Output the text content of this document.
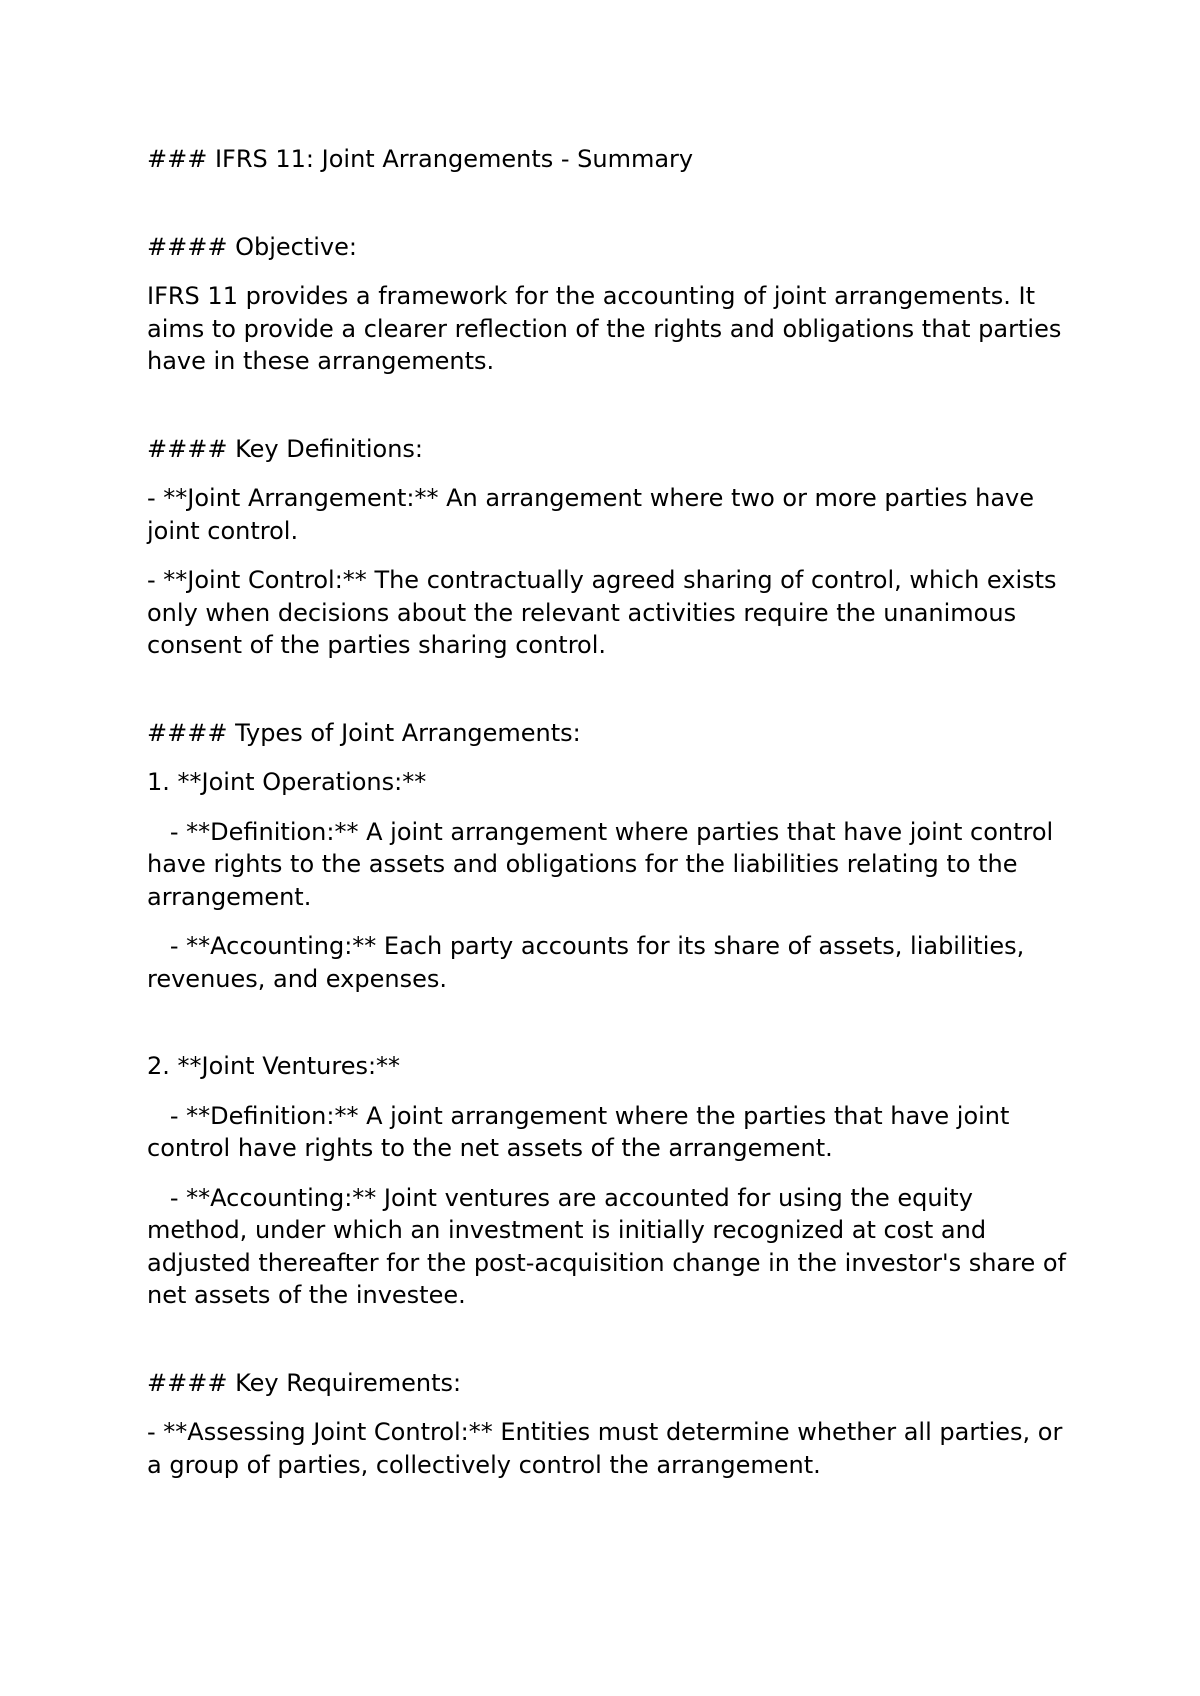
### IFRS 11: Joint Arrangements - Summary

#### Objective:

IFRS 11 provides a framework for the accounting of joint arrangements. It aims to provide a clearer reflection of the rights and obligations that parties have in these arrangements.

#### Key Definitions:

- **Joint Arrangement:** An arrangement where two or more parties have joint control.

- **Joint Control:** The contractually agreed sharing of control, which exists only when decisions about the relevant activities require the unanimous consent of the parties sharing control.

#### Types of Joint Arrangements:

1. **Joint Operations:**

- **Definition:** A joint arrangement where parties that have joint control have rights to the assets and obligations for the liabilities relating to the arrangement.

- **Accounting:** Each party accounts for its share of assets, liabilities, revenues, and expenses.

2. **Joint Ventures:**

- **Definition:** A joint arrangement where the parties that have joint control have rights to the net assets of the arrangement.

- **Accounting:** Joint ventures are accounted for using the equity method, under which an investment is initially recognized at cost and adjusted thereafter for the post-acquisition change in the investor's share of net assets of the investee.

#### Key Requirements:

- **Assessing Joint Control:** Entities must determine whether all parties, or a group of parties, collectively control the arrangement.
